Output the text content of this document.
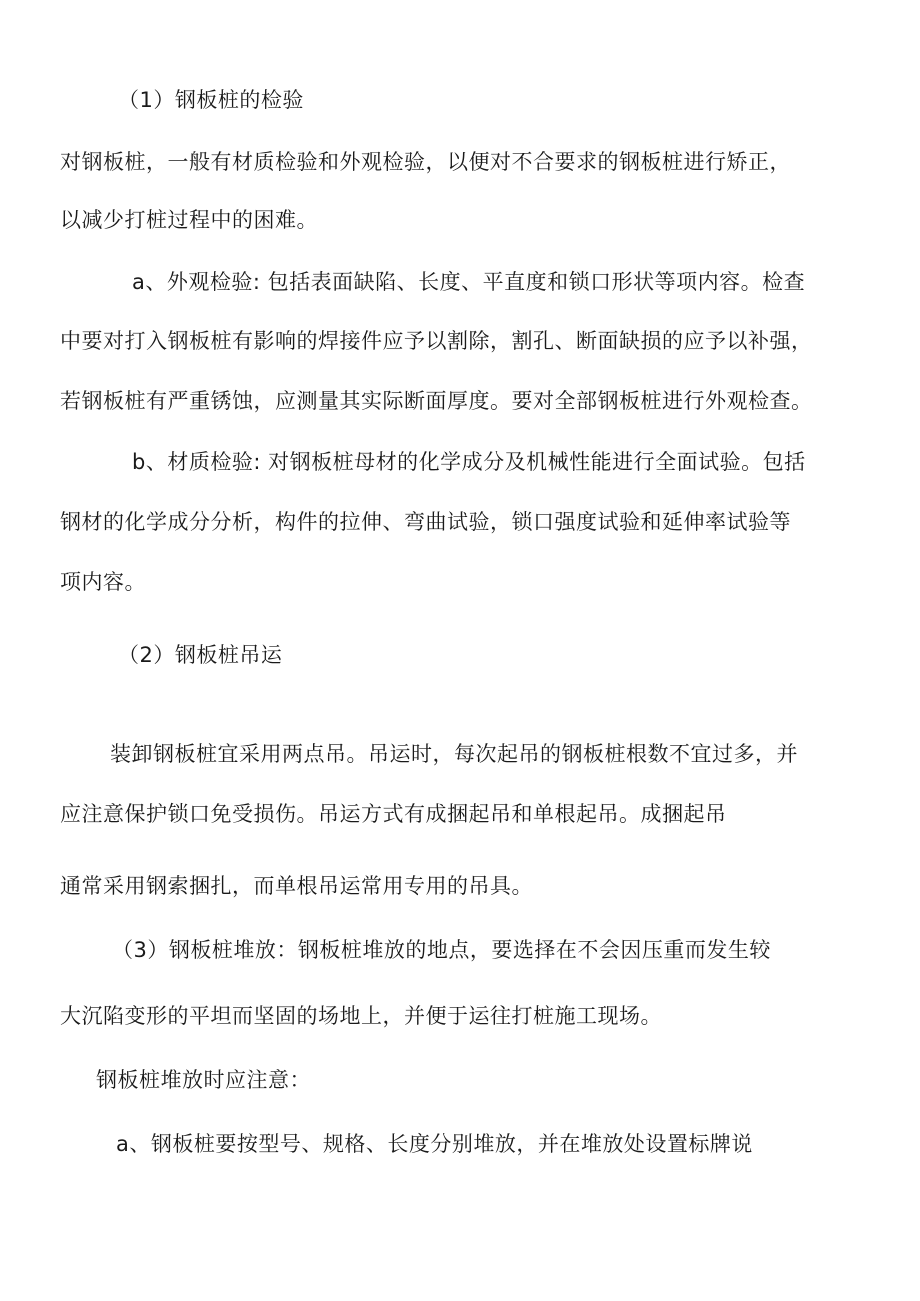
（1）钢板桩的检验
对钢板桩，一般有材质检验和外观检验，以便对不合要求的钢板桩进行矫正，
以减少打桩过程中的困难。
a、外观检验: 包括表面缺陷、长度、平直度和锁口形状等项内容。检查
中要对打入钢板桩有影响的焊接件应予以割除，割孔、断面缺损的应予以补强，
若钢板桩有严重锈蚀，应测量其实际断面厚度。要对全部钢板桩进行外观检查。
b、材质检验: 对钢板桩母材的化学成分及机械性能进行全面试验。包括
钢材的化学成分分析，构件的拉伸、弯曲试验，锁口强度试验和延伸率试验等
项内容。
（2）钢板桩吊运
装卸钢板桩宜采用两点吊。吊运时，每次起吊的钢板桩根数不宜过多，并
应注意保护锁口免受损伤。吊运方式有成捆起吊和单根起吊。成捆起吊
通常采用钢索捆扎，而单根吊运常用专用的吊具。
（3）钢板桩堆放：钢板桩堆放的地点，要选择在不会因压重而发生较
大沉陷变形的平坦而坚固的场地上，并便于运往打桩施工现场。
钢板桩堆放时应注意：
a、钢板桩要按型号、规格、长度分别堆放，并在堆放处设置标牌说
